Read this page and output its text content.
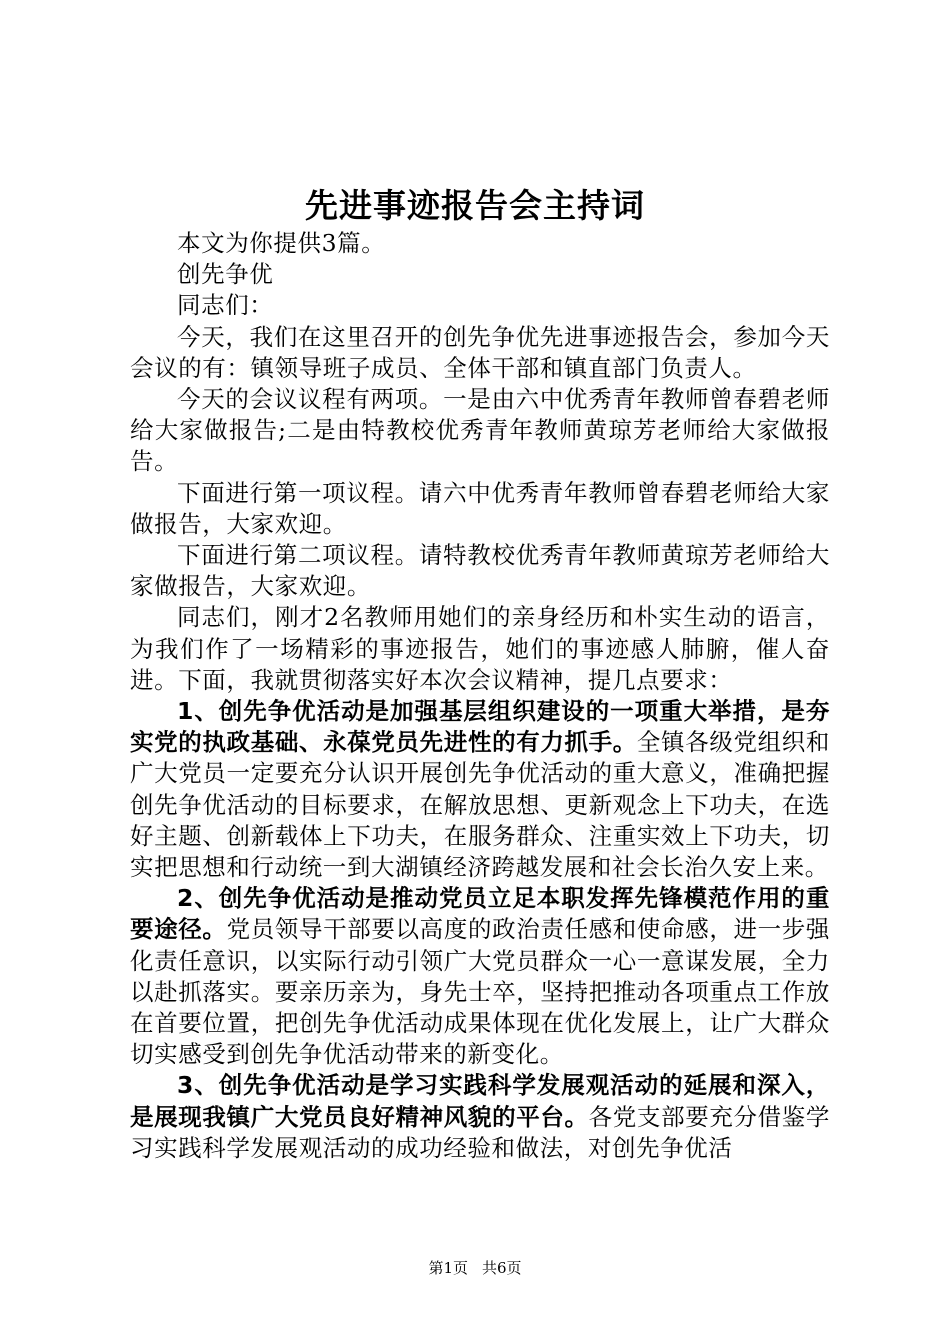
先进事迹报告会主持词

本文为你提供3篇。

创先争优

同志们：

今天，我们在这里召开的创先争优先进事迹报告会，参加今天会议的有：镇领导班子成员、全体干部和镇直部门负责人。

今天的会议议程有两项。一是由六中优秀青年教师曾春碧老师给大家做报告;二是由特教校优秀青年教师黄琼芳老师给大家做报告。

下面进行第一项议程。请六中优秀青年教师曾春碧老师给大家做报告，大家欢迎。

下面进行第二项议程。请特教校优秀青年教师黄琼芳老师给大家做报告，大家欢迎。

同志们，刚才2名教师用她们的亲身经历和朴实生动的语言，为我们作了一场精彩的事迹报告，她们的事迹感人肺腑，催人奋进。下面，我就贯彻落实好本次会议精神，提几点要求：

1、创先争优活动是加强基层组织建设的一项重大举措，是夯实党的执政基础、永葆党员先进性的有力抓手。全镇各级党组织和广大党员一定要充分认识开展创先争优活动的重大意义，准确把握创先争优活动的目标要求，在解放思想、更新观念上下功夫，在选好主题、创新载体上下功夫，在服务群众、注重实效上下功夫，切实把思想和行动统一到大湖镇经济跨越发展和社会长治久安上来。

2、创先争优活动是推动党员立足本职发挥先锋模范作用的重要途径。党员领导干部要以高度的政治责任感和使命感，进一步强化责任意识，以实际行动引领广大党员群众一心一意谋发展，全力以赴抓落实。要亲历亲为，身先士卒，坚持把推动各项重点工作放在首要位置，把创先争优活动成果体现在优化发展上，让广大群众切实感受到创先争优活动带来的新变化。

3、创先争优活动是学习实践科学发展观活动的延展和深入，是展现我镇广大党员良好精神风貌的平台。各党支部要充分借鉴学习实践科学发展观活动的成功经验和做法，对创先争优活

第1页 共6页
